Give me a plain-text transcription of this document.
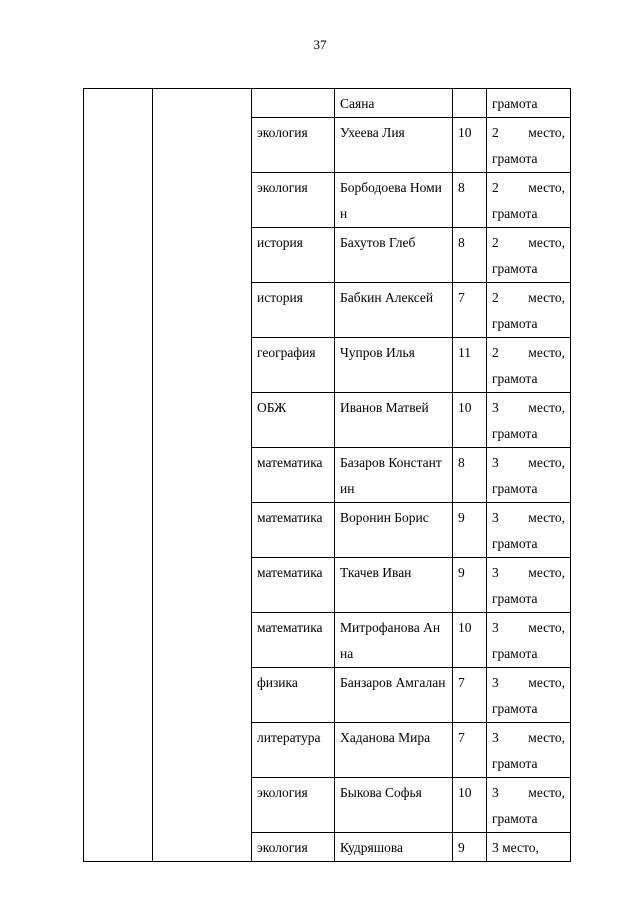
37
			Саяна		грамота

		экология	Ухеева Лия	10	2 место,
грамота

		экология	Борбодоева Номин	8	2 место,
грамота

		история	Бахутов Глеб	8	2 место,
грамота

		история	Бабкин Алексей	7	2 место,
грамота

		география	Чупров Илья	11	2 место,
грамота

		ОБЖ	Иванов Матвей	10	3 место,
грамота

		математика	Базаров Константин	8	3 место,
грамота

		математика	Воронин Борис	9	3 место,
грамота

		математика	Ткачев Иван	9	3 место,
грамота

		математика	Митрофанова Анна	10	3 место,
грамота

		физика	Банзаров Амгалан	7	3 место,
грамота

		литература	Хаданова Мира	7	3 место,
грамота

		экология	Быкова Софья	10	3 место,
грамота

		экология	Кудряшова	9	3 место,
